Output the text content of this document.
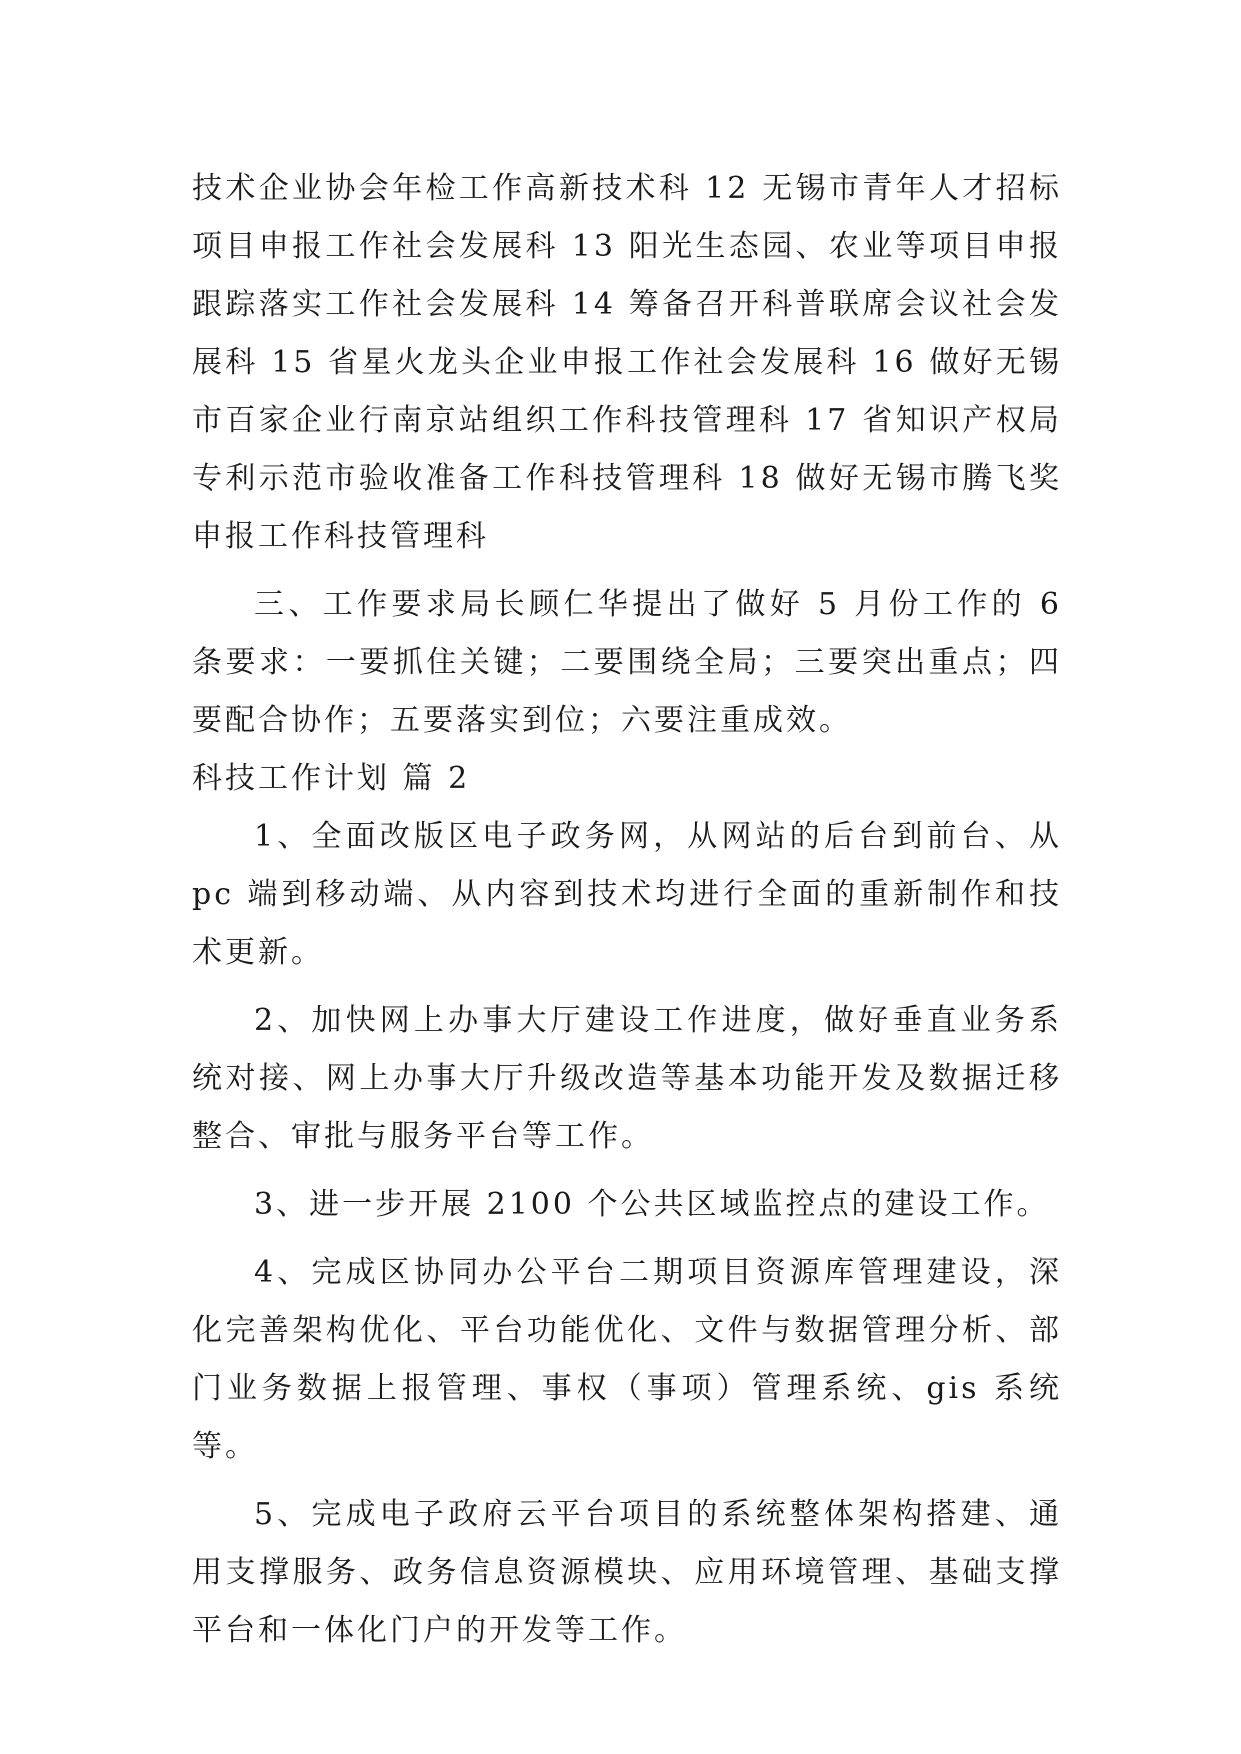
技术企业协会年检工作高新技术科 12 无锡市青年人才招标项目申报工作社会发展科 13 阳光生态园、农业等项目申报跟踪落实工作社会发展科 14 筹备召开科普联席会议社会发展科 15 省星火龙头企业申报工作社会发展科 16 做好无锡市百家企业行南京站组织工作科技管理科 17 省知识产权局专利示范市验收准备工作科技管理科 18 做好无锡市腾飞奖申报工作科技管理科

三、工作要求局长顾仁华提出了做好 5 月份工作的 6 条要求：一要抓住关键；二要围绕全局；三要突出重点；四要配合协作；五要落实到位；六要注重成效。

科技工作计划 篇 2

1、全面改版区电子政务网，从网站的后台到前台、从 pc 端到移动端、从内容到技术均进行全面的重新制作和技术更新。

2、加快网上办事大厅建设工作进度，做好垂直业务系统对接、网上办事大厅升级改造等基本功能开发及数据迁移整合、审批与服务平台等工作。

3、进一步开展 2100 个公共区域监控点的建设工作。

4、完成区协同办公平台二期项目资源库管理建设，深化完善架构优化、平台功能优化、文件与数据管理分析、部门业务数据上报管理、事权（事项）管理系统、gis 系统等。

5、完成电子政府云平台项目的系统整体架构搭建、通用支撑服务、政务信息资源模块、应用环境管理、基础支撑平台和一体化门户的开发等工作。
